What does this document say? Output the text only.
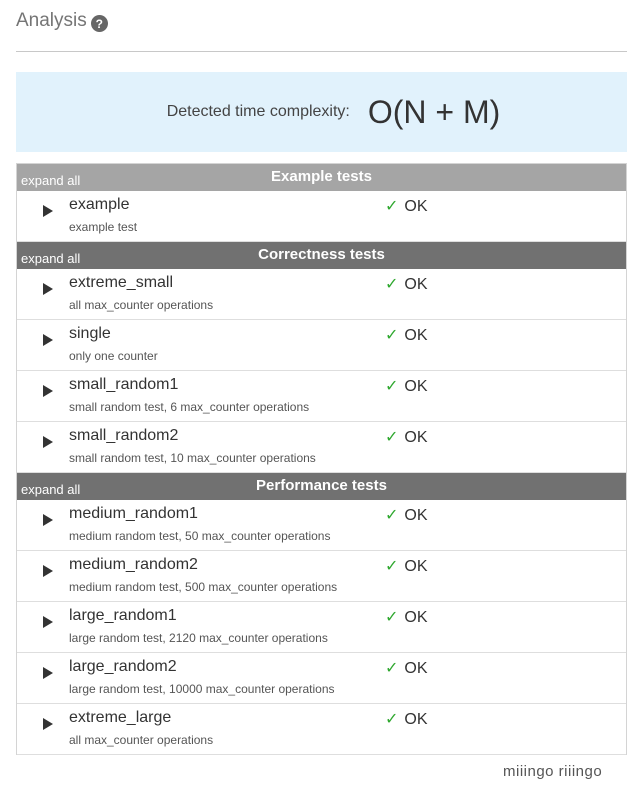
Analysis ?
Detected time complexity: O(N + M)
expand all	Example tests
example
example test
✓ OK
expand all	Correctness tests
extreme_small
all max_counter operations
✓ OK
single
only one counter
✓ OK
small_random1
small random test, 6 max_counter operations
✓ OK
small_random2
small random test, 10 max_counter operations
✓ OK
expand all	Performance tests
medium_random1
medium random test, 50 max_counter operations
✓ OK
medium_random2
medium random test, 500 max_counter operations
✓ OK
large_random1
large random test, 2120 max_counter operations
✓ OK
large_random2
large random test, 10000 max_counter operations
✓ OK
extreme_large
all max_counter operations
✓ OK
miiingo riiingo
